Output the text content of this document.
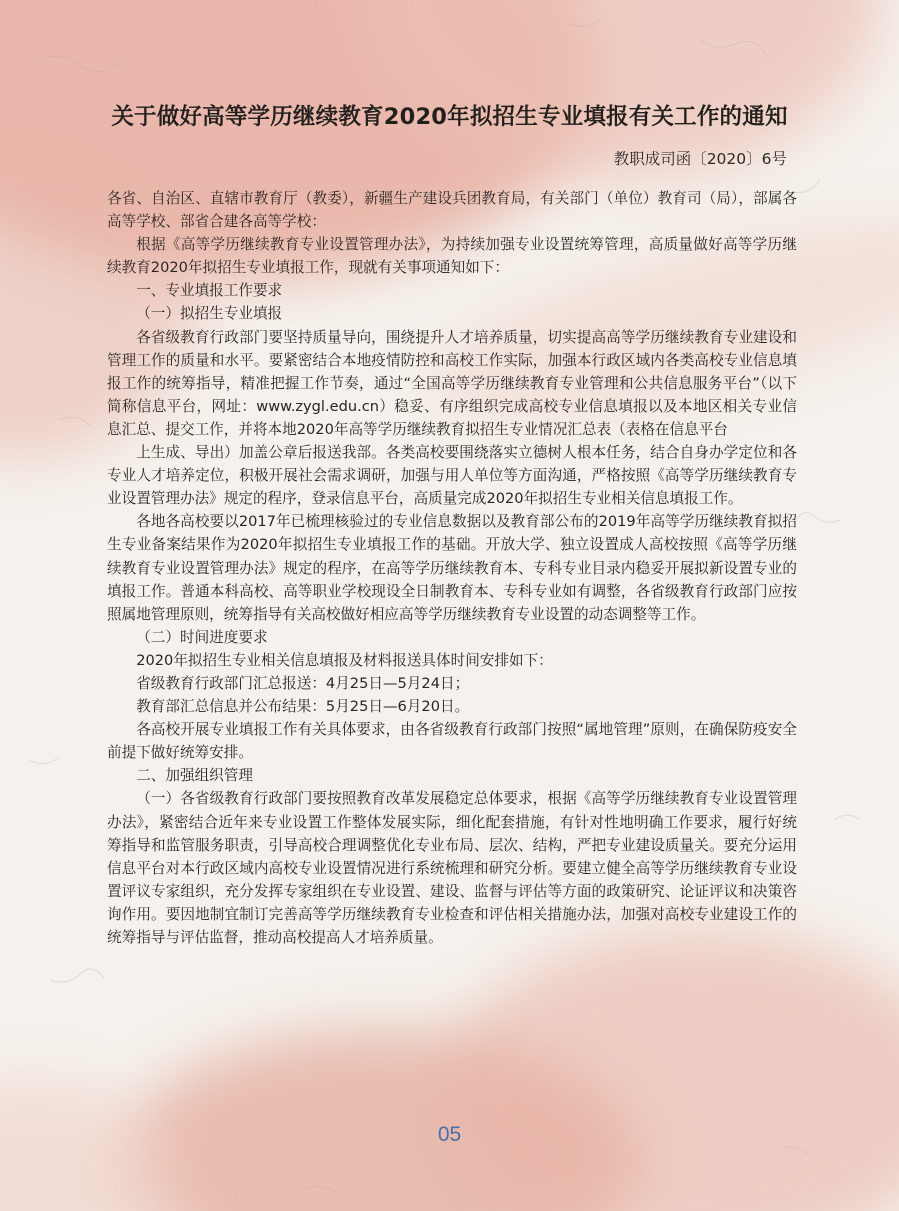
关于做好高等学历继续教育2020年拟招生专业填报有关工作的通知
教职成司函〔2020〕6号

各省、自治区、直辖市教育厅（教委），新疆生产建设兵团教育局，有关部门（单位）教育司（局），部属各高等学校、部省合建各高等学校：

根据《高等学历继续教育专业设置管理办法》，为持续加强专业设置统筹管理，高质量做好高等学历继续教育2020年拟招生专业填报工作，现就有关事项通知如下：

一、专业填报工作要求

（一）拟招生专业填报

各省级教育行政部门要坚持质量导向，围绕提升人才培养质量，切实提高高等学历继续教育专业建设和管理工作的质量和水平。要紧密结合本地疫情防控和高校工作实际，加强本行政区域内各类高校专业信息填报工作的统筹指导，精准把握工作节奏，通过“全国高等学历继续教育专业管理和公共信息服务平台”（以下简称信息平台，网址：www.zygl.edu.cn）稳妥、有序组织完成高校专业信息填报以及本地区相关专业信息汇总、提交工作，并将本地2020年高等学历继续教育拟招生专业情况汇总表（表格在信息平台

上生成、导出）加盖公章后报送我部。各类高校要围绕落实立德树人根本任务，结合自身办学定位和各专业人才培养定位，积极开展社会需求调研，加强与用人单位等方面沟通，严格按照《高等学历继续教育专业设置管理办法》规定的程序，登录信息平台，高质量完成2020年拟招生专业相关信息填报工作。

各地各高校要以2017年已梳理核验过的专业信息数据以及教育部公布的2019年高等学历继续教育拟招生专业备案结果作为2020年拟招生专业填报工作的基础。开放大学、独立设置成人高校按照《高等学历继续教育专业设置管理办法》规定的程序，在高等学历继续教育本、专科专业目录内稳妥开展拟新设置专业的填报工作。普通本科高校、高等职业学校现设全日制教育本、专科专业如有调整，各省级教育行政部门应按照属地管理原则，统筹指导有关高校做好相应高等学历继续教育专业设置的动态调整等工作。

（二）时间进度要求

2020年拟招生专业相关信息填报及材料报送具体时间安排如下：

省级教育行政部门汇总报送：4月25日—5月24日；

教育部汇总信息并公布结果：5月25日—6月20日。

各高校开展专业填报工作有关具体要求，由各省级教育行政部门按照“属地管理”原则，在确保防疫安全前提下做好统筹安排。

二、加强组织管理

（一）各省级教育行政部门要按照教育改革发展稳定总体要求，根据《高等学历继续教育专业设置管理办法》，紧密结合近年来专业设置工作整体发展实际，细化配套措施，有针对性地明确工作要求，履行好统筹指导和监管服务职责，引导高校合理调整优化专业布局、层次、结构，严把专业建设质量关。要充分运用信息平台对本行政区域内高校专业设置情况进行系统梳理和研究分析。要建立健全高等学历继续教育专业设置评议专家组织，充分发挥专家组织在专业设置、建设、监督与评估等方面的政策研究、论证评议和决策咨询作用。要因地制宜制订完善高等学历继续教育专业检查和评估相关措施办法，加强对高校专业建设工作的统筹指导与评估监督，推动高校提高人才培养质量。

05
